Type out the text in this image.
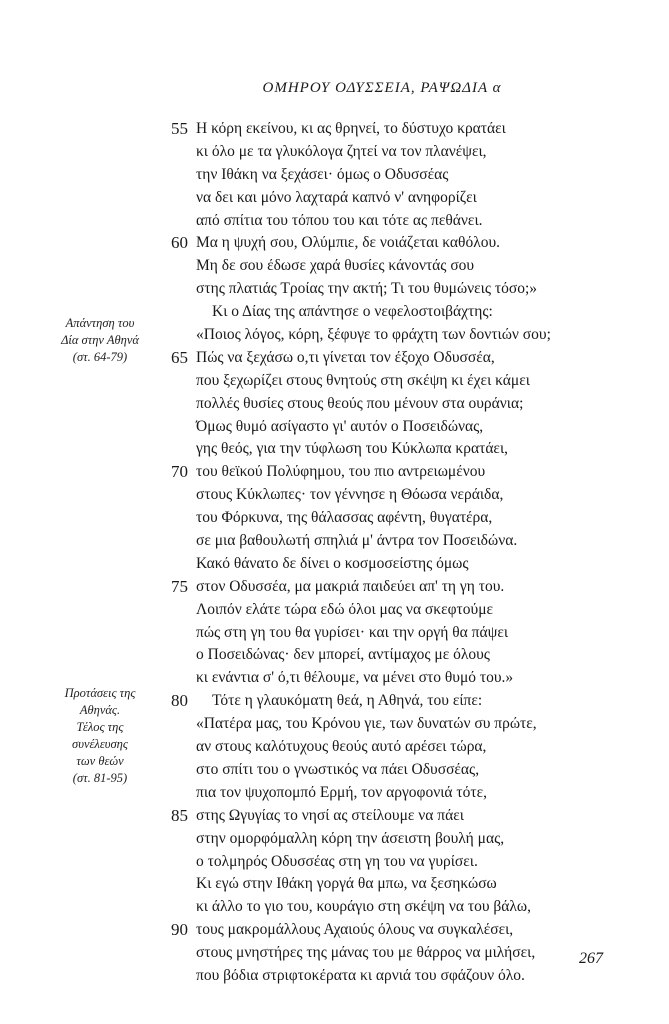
ΟΜΗΡΟΥ ΟΔΥΣΣΕΙΑ, ΡΑΨΩΔΙΑ α
55 Η κόρη εκείνου, κι ας θρηνεί, το δύστυχο κρατάει
κι όλο με τα γλυκόλογα ζητεί να τον πλανέψει,
την Ιθάκη να ξεχάσει· όμως ο Οδυσσέας
να δει και μόνο λαχταρά καπνό ν' ανηφορίζει
από σπίτια του τόπου του και τότε ας πεθάνει.
60 Μα η ψυχή σου, Ολύμπιε, δε νοιάζεται καθόλου.
Μη δε σου έδωσε χαρά θυσίες κάνοντάς σου
στης πλατιάς Τροίας την ακτή; Τι του θυμώνεις τόσο;»
Κι ο Δίας της απάντησε ο νεφελοστοιβάχτης:
«Ποιος λόγος, κόρη, ξέφυγε το φράχτη των δοντιών σου;
65 Πώς να ξεχάσω ο,τι γίνεται τον έξοχο Οδυσσέα,
που ξεχωρίζει στους θνητούς στη σκέψη κι έχει κάμει
πολλές θυσίες στους θεούς που μένουν στα ουράνια;
Όμως θυμό ασίγαστο γι' αυτόν ο Ποσειδώνας,
γης θεός, για την τύφλωση του Κύκλωπα κρατάει,
70 του θεϊκού Πολύφημου, του πιο αντρειωμένου
στους Κύκλωπες· τον γέννησε η Θόωσα νεράιδα,
του Φόρκυνα, της θάλασσας αφέντη, θυγατέρα,
σε μια βαθουλωτή σπηλιά μ' άντρα τον Ποσειδώνα.
Κακό θάνατο δε δίνει ο κοσμοσείστης όμως
75 στον Οδυσσέα, μα μακριά παιδεύει απ' τη γη του.
Λοιπόν ελάτε τώρα εδώ όλοι μας να σκεφτούμε
πώς στη γη του θα γυρίσει· και την οργή θα πάψει
ο Ποσειδώνας· δεν μπορεί, αντίμαχος με όλους
κι ενάντια σ' ό,τι θέλουμε, να μένει στο θυμό του.»
80 Τότε η γλαυκόματη θεά, η Αθηνά, του είπε:
«Πατέρα μας, του Κρόνου γιε, των δυνατών συ πρώτε,
αν στους καλότυχους θεούς αυτό αρέσει τώρα,
στο σπίτι του ο γνωστικός να πάει Οδυσσέας,
πια τον ψυχοπομπό Ερμή, τον αργοφονιά τότε,
85 στης Ωγυγίας το νησί ας στείλουμε να πάει
στην ομορφόμαλλη κόρη την άσειστη βουλή μας,
ο τολμηρός Οδυσσέας στη γη του να γυρίσει.
Κι εγώ στην Ιθάκη γοργά θα μπω, να ξεσηκώσω
κι άλλο το γιο του, κουράγιο στη σκέψη να του βάλω,
90 τους μακρομάλλους Αχαιούς όλους να συγκαλέσει,
στους μνηστήρες της μάνας του με θάρρος να μιλήσει,
που βόδια στριφτοκέρατα κι αρνιά του σφάζουν όλο.
Απάντηση του
Δία στην Αθηνά
(στ. 64-79)
Προτάσεις της
Αθηνάς.
Τέλος της
συνέλευσης
των θεών
(στ. 81-95)
267
